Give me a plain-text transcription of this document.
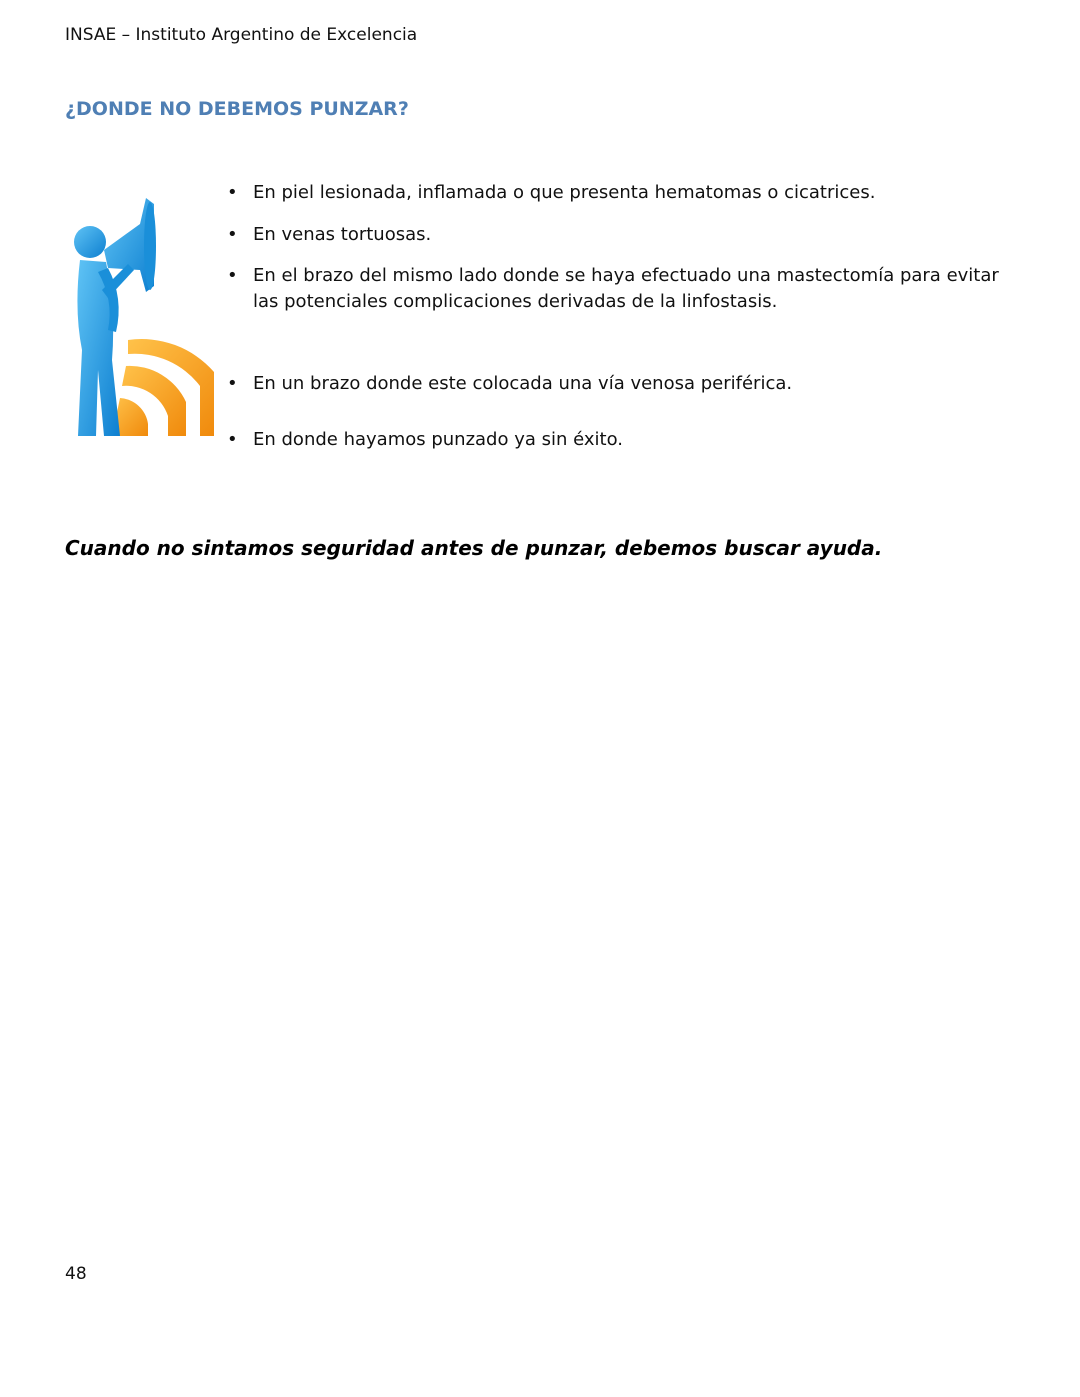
INSAE – Instituto Argentino de Excelencia
¿DONDE NO DEBEMOS PUNZAR?
• En piel lesionada, inflamada o que presenta hematomas o cicatrices.
• En venas tortuosas.
• En el brazo del mismo lado donde se haya efectuado una mastectomía para evitar las potenciales complicaciones derivadas de la linfostasis.
• En un brazo donde este colocada una vía venosa periférica.
• En donde hayamos punzado ya sin éxito.
Cuando no sintamos seguridad antes de punzar, debemos buscar ayuda.
48
